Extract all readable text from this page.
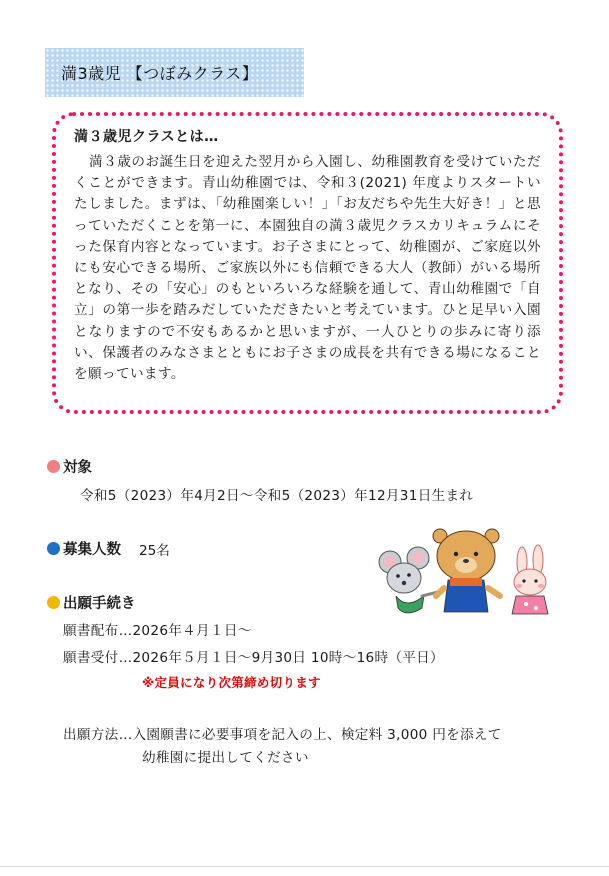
満3歳児 【つぼみクラス】

満３歳児クラスとは…

満３歳のお誕生日を迎えた翌月から入園し、幼稚園教育を受けていただくことができます。青山幼稚園では、令和３(2021) 年度よりスタートいたしました。まずは、「幼稚園楽しい！」「お友だちや先生大好き！」と思っていただくことを第一に、本園独自の満３歳児クラスカリキュラムにそった保育内容となっています。お子さまにとって、幼稚園が、ご家庭以外にも安心できる場所、ご家族以外にも信頼できる大人（教師）がいる場所となり、その「安心」のもといろいろな経験を通して、青山幼稚園で「自立」の第一歩を踏みだしていただきたいと考えています。ひと足早い入園となりますので不安もあるかと思いますが、一人ひとりの歩みに寄り添い、保護者のみなさまとともにお子さまの成長を共有できる場になることを願っています。

対象
令和5（2023）年4月2日～令和5（2023）年12月31日生まれ
募集人数 25名
出願手続き
願書配布…2026年４月１日～
願書受付…2026年５月１日～9月30日 10時～16時（平日）
※定員になり次第締め切ります
出願方法…入園願書に必要事項を記入の上、検定料 3,000 円を添えて
幼稚園に提出してください
